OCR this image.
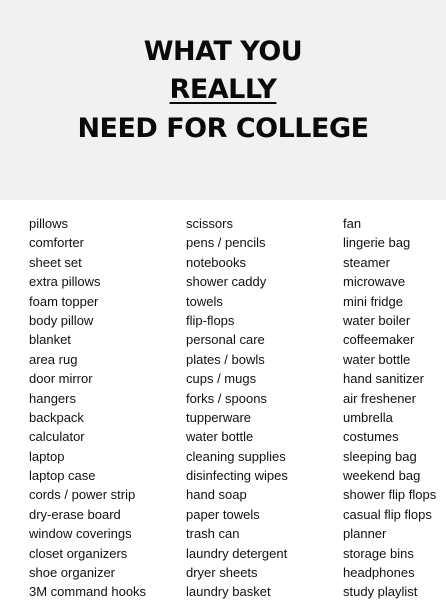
WHAT YOU
REALLY
NEED FOR COLLEGE
pillows
comforter
sheet set
extra pillows
foam topper
body pillow
blanket
area rug
door mirror
hangers
backpack
calculator
laptop
laptop case
cords / power strip
dry-erase board
window coverings
closet organizers
shoe organizer
3M command hooks
scissors
pens / pencils
notebooks
shower caddy
towels
flip-flops
personal care
plates / bowls
cups / mugs
forks / spoons
tupperware
water bottle
cleaning supplies
disinfecting wipes
hand soap
paper towels
trash can
laundry detergent
dryer sheets
laundry basket
fan
lingerie bag
steamer
microwave
mini fridge
water boiler
coffeemaker
water bottle
hand sanitizer
air freshener
umbrella
costumes
sleeping bag
weekend bag
shower flip flops
casual flip flops
planner
storage bins
headphones
study playlist
